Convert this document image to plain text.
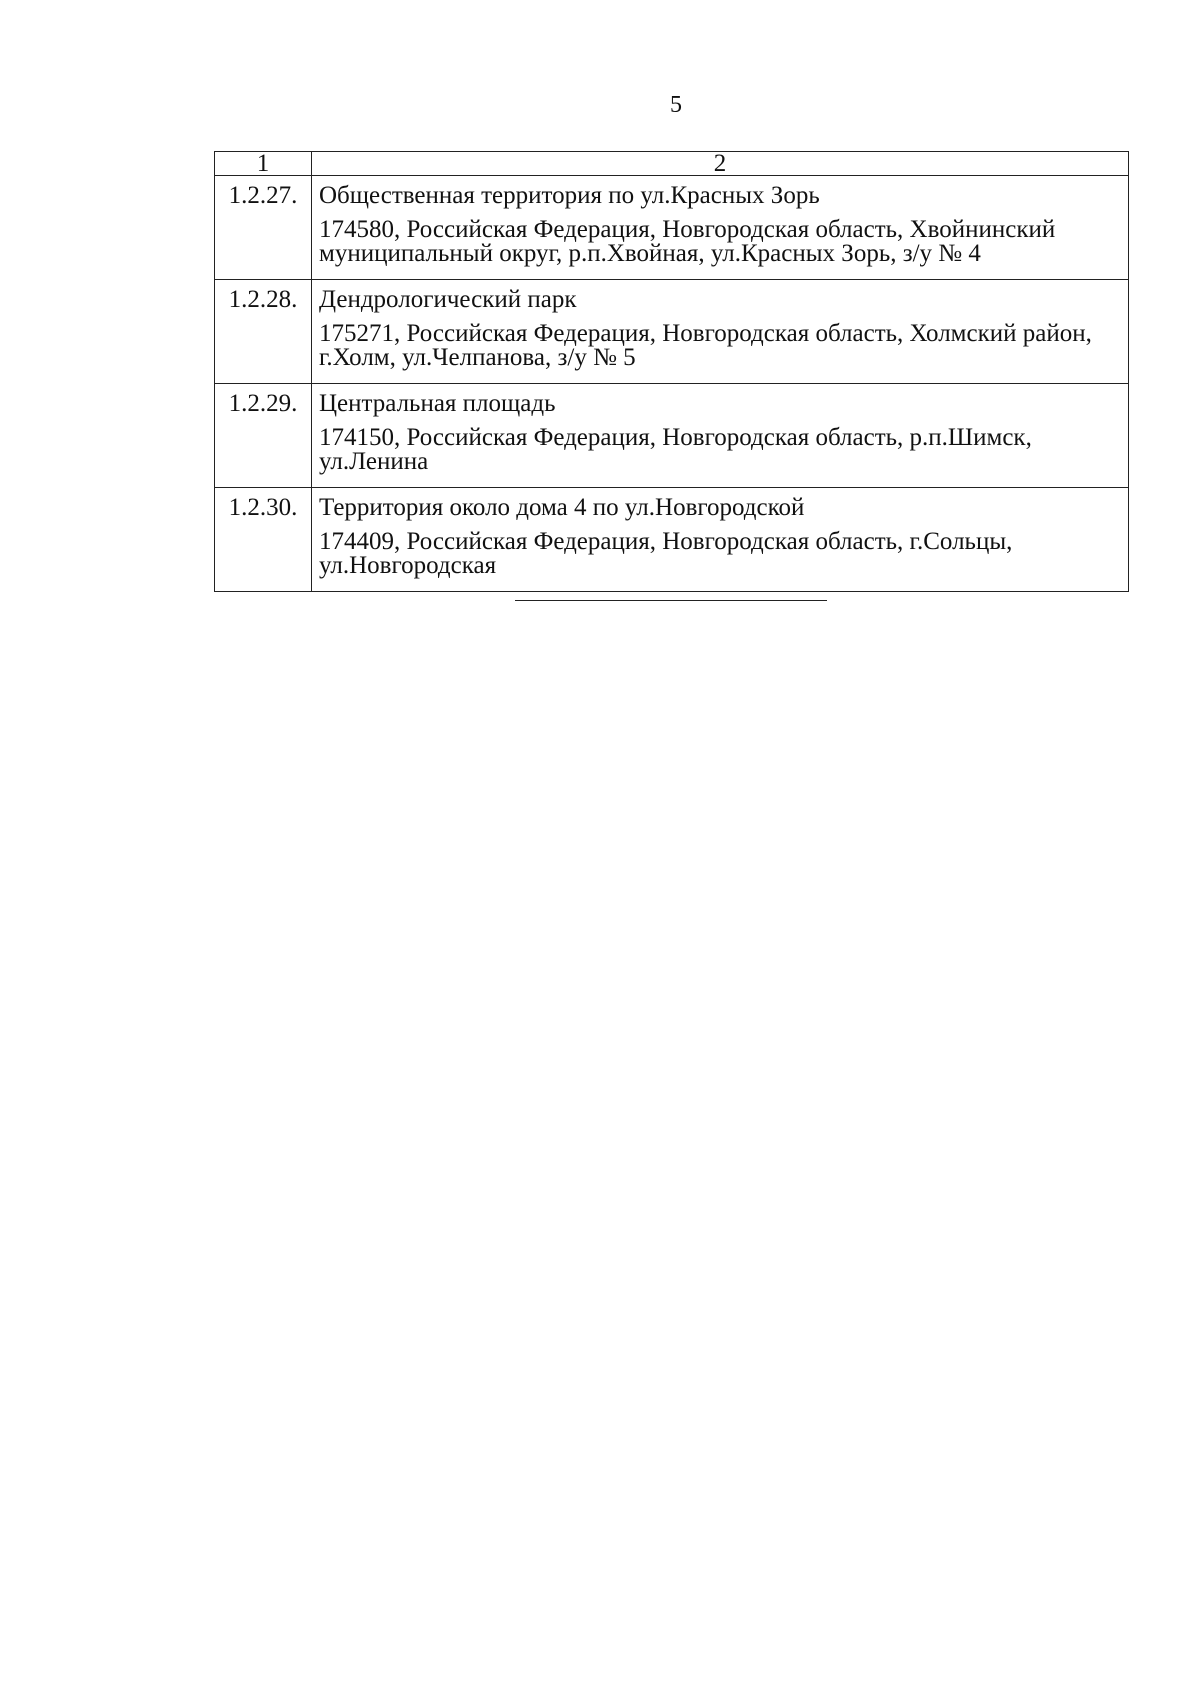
5
1	2
1.2.27.	Общественная территория по ул.Красных Зорь
174580, Российская Федерация, Новгородская область, Хвойнинский муниципальный округ, р.п.Хвойная, ул.Красных Зорь, з/у № 4

1.2.28.	Дендрологический парк
175271, Российская Федерация, Новгородская область, Холмский район, г.Холм, ул.Челпанова, з/у № 5

1.2.29.	Центральная площадь
174150, Российская Федерация, Новгородская область, р.п.Шимск, ул.Ленина

1.2.30.	Территория около дома 4 по ул.Новгородской
174409, Российская Федерация, Новгородская область, г.Сольцы, ул.Новгородская
